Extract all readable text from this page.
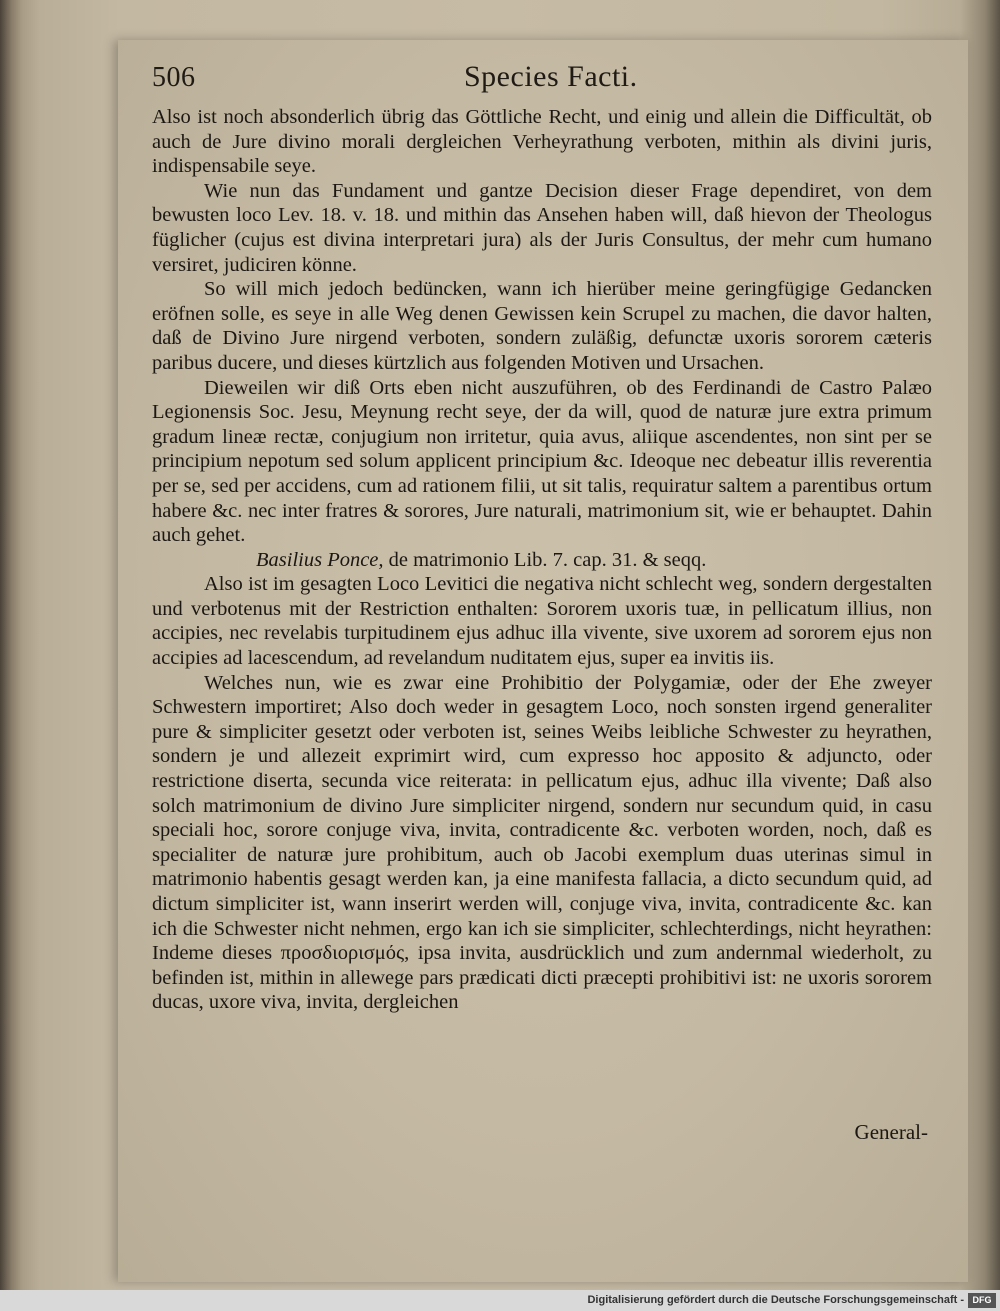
506	Species Facti.

Also ist noch absonderlich übrig das Göttliche Recht, und einig und allein die Difficultät, ob auch de Jure divino morali dergleichen Verheyrathung verboten, mithin als divini juris, indispensabile seye.

Wie nun das Fundament und gantze Decision dieser Frage dependiret, von dem bewusten loco Lev. 18. v. 18. und mithin das Ansehen haben will, daß hievon der Theologus füglicher (cujus est divina interpretari jura) als der Juris Consultus, der mehr cum humano versiret, judiciren könne.

So will mich jedoch bedüncken, wann ich hierüber meine geringfügige Gedancken eröfnen solle, es seye in alle Weg denen Gewissen kein Scrupel zu machen, die davor halten, daß de Divino Jure nirgend verboten, sondern zuläßig, defunctæ uxoris sororem cæteris paribus ducere, und dieses kürtzlich aus folgenden Motiven und Ursachen.

Dieweilen wir diß Orts eben nicht auszuführen, ob des Ferdinandi de Castro Palæo Legionensis Soc. Jesu, Meynung recht seye, der da will, quod de naturæ jure extra primum gradum lineæ rectæ, conjugium non irritetur, quia avus, aliique ascendentes, non sint per se principium nepotum sed solum applicent principium &c. Ideoque nec debeatur illis reverentia per se, sed per accidens, cum ad rationem filii, ut sit talis, requiratur saltem a parentibus ortum habere &c. nec inter fratres & sorores, Jure naturali, matrimonium sit, wie er behauptet. Dahin auch gehet.

Basilius Ponce, de matrimonio Lib. 7. cap. 31. & seqq.

Also ist im gesagten Loco Levitici die negativa nicht schlecht weg, sondern dergestalten und verbotenus mit der Restriction enthalten: Sororem uxoris tuæ, in pellicatum illius, non accipies, nec revelabis turpitudinem ejus adhuc illa vivente, sive uxorem ad sororem ejus non accipies ad lacescendum, ad revelandum nuditatem ejus, super ea invitis iis.

Welches nun, wie es zwar eine Prohibitio der Polygamiæ, oder der Ehe zweyer Schwestern importiret; Also doch weder in gesagtem Loco, noch sonsten irgend generaliter pure & simpliciter gesetzt oder verboten ist, seines Weibs leibliche Schwester zu heyrathen, sondern je und allezeit exprimirt wird, cum expresso hoc apposito & adjuncto, oder restrictione diserta, secunda vice reiterata: in pellicatum ejus, adhuc illa vivente; Daß also solch matrimonium de divino Jure simpliciter nirgend, sondern nur secundum quid, in casu speciali hoc, sorore conjuge viva, invita, contradicente &c. verboten worden, noch, daß es specialiter de naturæ jure prohibitum, auch ob Jacobi exemplum duas uterinas simul in matrimonio habentis gesagt werden kan, ja eine manifesta fallacia, a dicto secundum quid, ad dictum simpliciter ist, wann inserirt werden will, conjuge viva, invita, contradicente &c. kan ich die Schwester nicht nehmen, ergo kan ich sie simpliciter, schlechterdings, nicht heyrathen: Indeme dieses προσδιορισμός, ipsa invita, ausdrücklich und zum andernmal wiederholt, zu befinden ist, mithin in allewege pars prædicati dicti præcepti prohibitivi ist: ne uxoris sororem ducas, uxore viva, invita, dergleichen

General-
Digitalisierung gefördert durch die Deutsche Forschungsgemeinschaft - DFG
